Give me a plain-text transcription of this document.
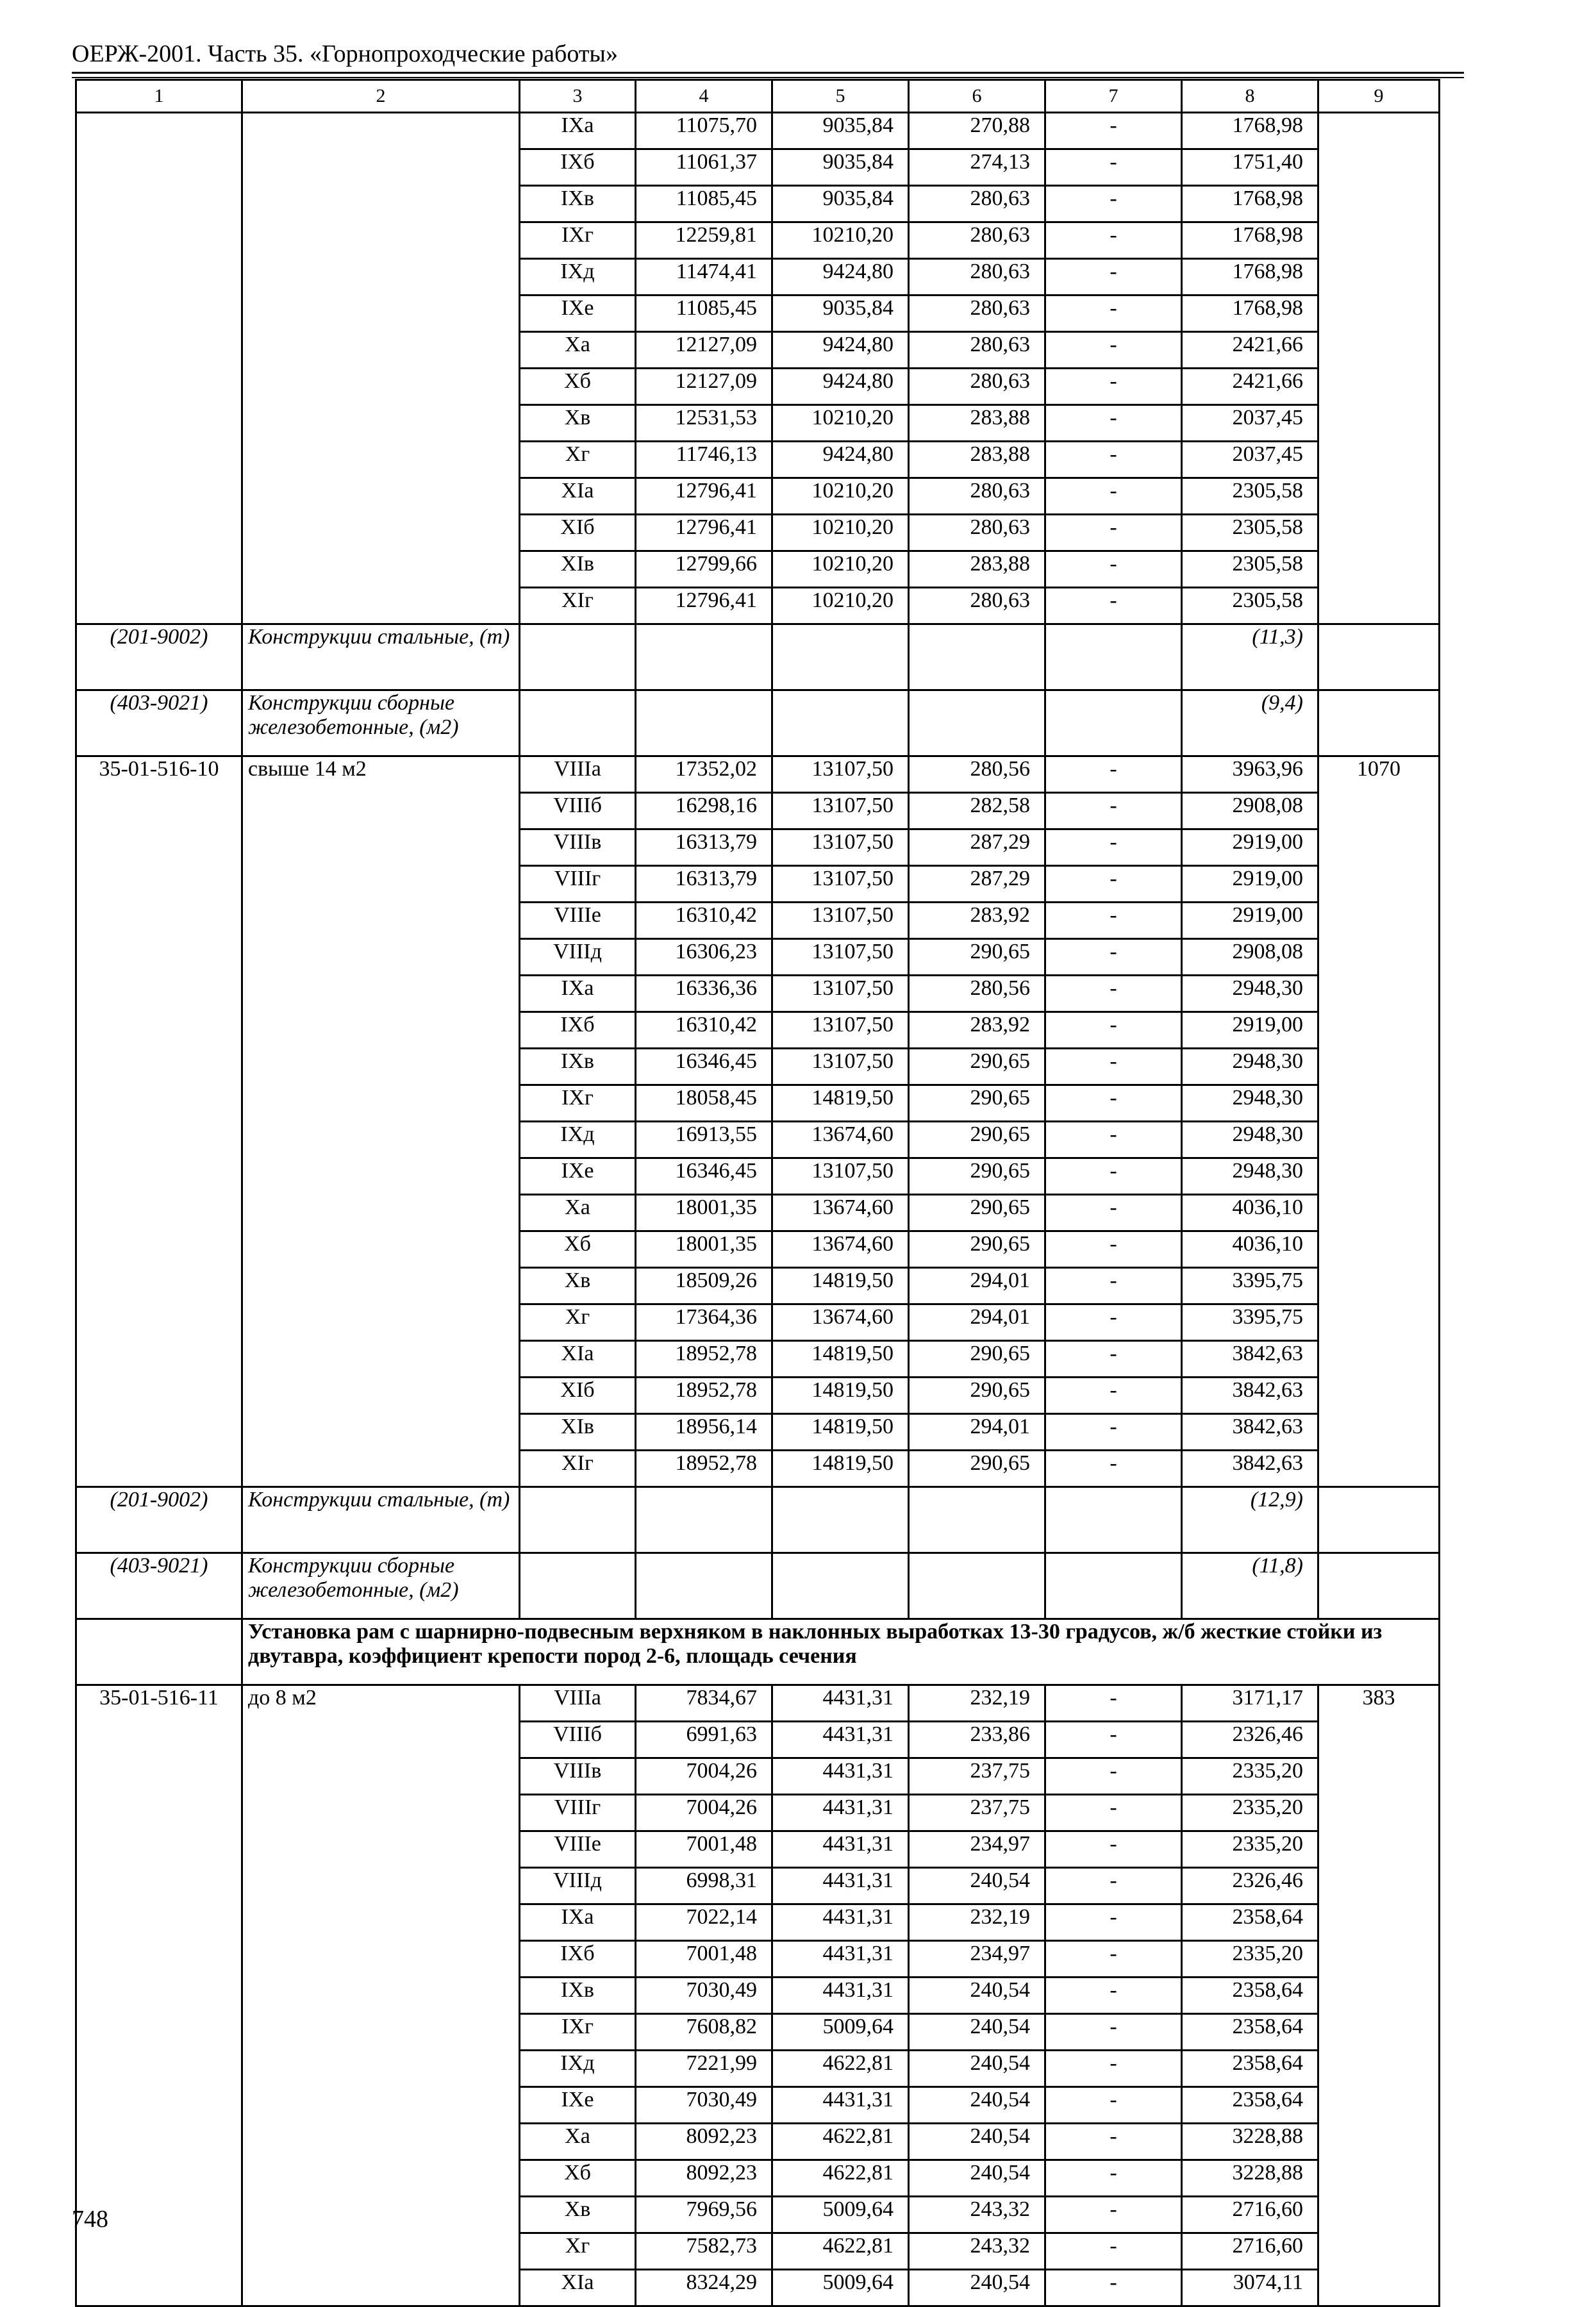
ОЕРЖ-2001. Часть 35. «Горнопроходческие работы»
1	2	3	4	5	6	7	8	9
		IXа	11075,70	9035,84	270,88	-	1768,98	
		IXб	11061,37	9035,84	274,13	-	1751,40	
		IXв	11085,45	9035,84	280,63	-	1768,98	
		IXг	12259,81	10210,20	280,63	-	1768,98	
		IXд	11474,41	9424,80	280,63	-	1768,98	
		IXе	11085,45	9035,84	280,63	-	1768,98	
		Xа	12127,09	9424,80	280,63	-	2421,66	
		Xб	12127,09	9424,80	280,63	-	2421,66	
		Xв	12531,53	10210,20	283,88	-	2037,45	
		Xг	11746,13	9424,80	283,88	-	2037,45	
		XIа	12796,41	10210,20	280,63	-	2305,58	
		XIб	12796,41	10210,20	280,63	-	2305,58	
		XIв	12799,66	10210,20	283,88	-	2305,58	
		XIг	12796,41	10210,20	280,63	-	2305,58	
(201-9002)	Конструкции стальные, (т)						(11,3)	
(403-9021)	Конструкции сборные железобетонные, (м2)						(9,4)	
35-01-516-10	свыше 14 м2	VIIIа	17352,02	13107,50	280,56	-	3963,96	1070
		VIIIб	16298,16	13107,50	282,58	-	2908,08	
		VIIIв	16313,79	13107,50	287,29	-	2919,00	
		VIIIг	16313,79	13107,50	287,29	-	2919,00	
		VIIIе	16310,42	13107,50	283,92	-	2919,00	
		VIIIд	16306,23	13107,50	290,65	-	2908,08	
		IXа	16336,36	13107,50	280,56	-	2948,30	
		IXб	16310,42	13107,50	283,92	-	2919,00	
		IXв	16346,45	13107,50	290,65	-	2948,30	
		IXг	18058,45	14819,50	290,65	-	2948,30	
		IXд	16913,55	13674,60	290,65	-	2948,30	
		IXе	16346,45	13107,50	290,65	-	2948,30	
		Xа	18001,35	13674,60	290,65	-	4036,10	
		Xб	18001,35	13674,60	290,65	-	4036,10	
		Xв	18509,26	14819,50	294,01	-	3395,75	
		Xг	17364,36	13674,60	294,01	-	3395,75	
		XIа	18952,78	14819,50	290,65	-	3842,63	
		XIб	18952,78	14819,50	290,65	-	3842,63	
		XIв	18956,14	14819,50	294,01	-	3842,63	
		XIг	18952,78	14819,50	290,65	-	3842,63	
(201-9002)	Конструкции стальные, (т)						(12,9)	
(403-9021)	Конструкции сборные железобетонные, (м2)						(11,8)	
	Установка рам с шарнирно-подвесным верхняком в наклонных выработках 13-30 градусов, ж/б жесткие стойки из двутавра, коэффициент крепости пород 2-6, площадь сечения							
35-01-516-11	до 8 м2	VIIIа	7834,67	4431,31	232,19	-	3171,17	383
		VIIIб	6991,63	4431,31	233,86	-	2326,46	
		VIIIв	7004,26	4431,31	237,75	-	2335,20	
		VIIIг	7004,26	4431,31	237,75	-	2335,20	
		VIIIе	7001,48	4431,31	234,97	-	2335,20	
		VIIIд	6998,31	4431,31	240,54	-	2326,46	
		IXа	7022,14	4431,31	232,19	-	2358,64	
		IXб	7001,48	4431,31	234,97	-	2335,20	
		IXв	7030,49	4431,31	240,54	-	2358,64	
		IXг	7608,82	5009,64	240,54	-	2358,64	
		IXд	7221,99	4622,81	240,54	-	2358,64	
		IXе	7030,49	4431,31	240,54	-	2358,64	
		Xа	8092,23	4622,81	240,54	-	3228,88	
		Xб	8092,23	4622,81	240,54	-	3228,88	
		Xв	7969,56	5009,64	243,32	-	2716,60	
		Xг	7582,73	4622,81	243,32	-	2716,60	
		XIа	8324,29	5009,64	240,54	-	3074,11	
748
